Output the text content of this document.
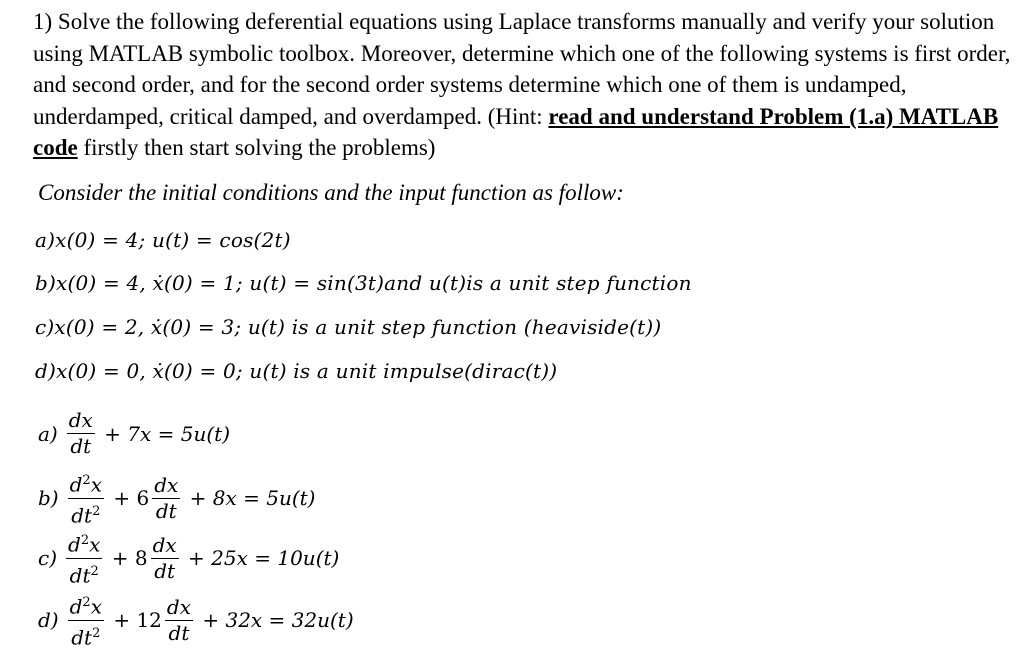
1) Solve the following deferential equations using Laplace transforms manually and verify your solution using MATLAB symbolic toolbox. Moreover, determine which one of the following systems is first order, and second order, and for the second order systems determine which one of them is undamped, underdamped, critical damped, and overdamped. (Hint: read and understand Problem (1.a) MATLAB code firstly then start solving the problems)
Consider the initial conditions and the input function as follow:
a)x(0) = 4; u(t) = cos(2t)
b)x(0) = 4, ẋ(0) = 1; u(t) = sin(3t)and u(t)is a unit step function
c)x(0) = 2, ẋ(0) = 3; u(t) is a unit step function (heaviside(t))
d)x(0) = 0, ẋ(0) = 0; u(t) is a unit impulse(dirac(t))
$a) \frac{dx}{dt} + 7x = 5u(t)$
$b) \frac{d^2x}{dt^2} + 6 \frac{dx}{dt} + 8x = 5u(t)$
$c) \frac{d^2x}{dt^2} + 8 \frac{dx}{dt} + 25x = 10u(t)$
$d) \frac{d^2x}{dt^2} + 12 \frac{dx}{dt} + 32x = 32u(t)$
